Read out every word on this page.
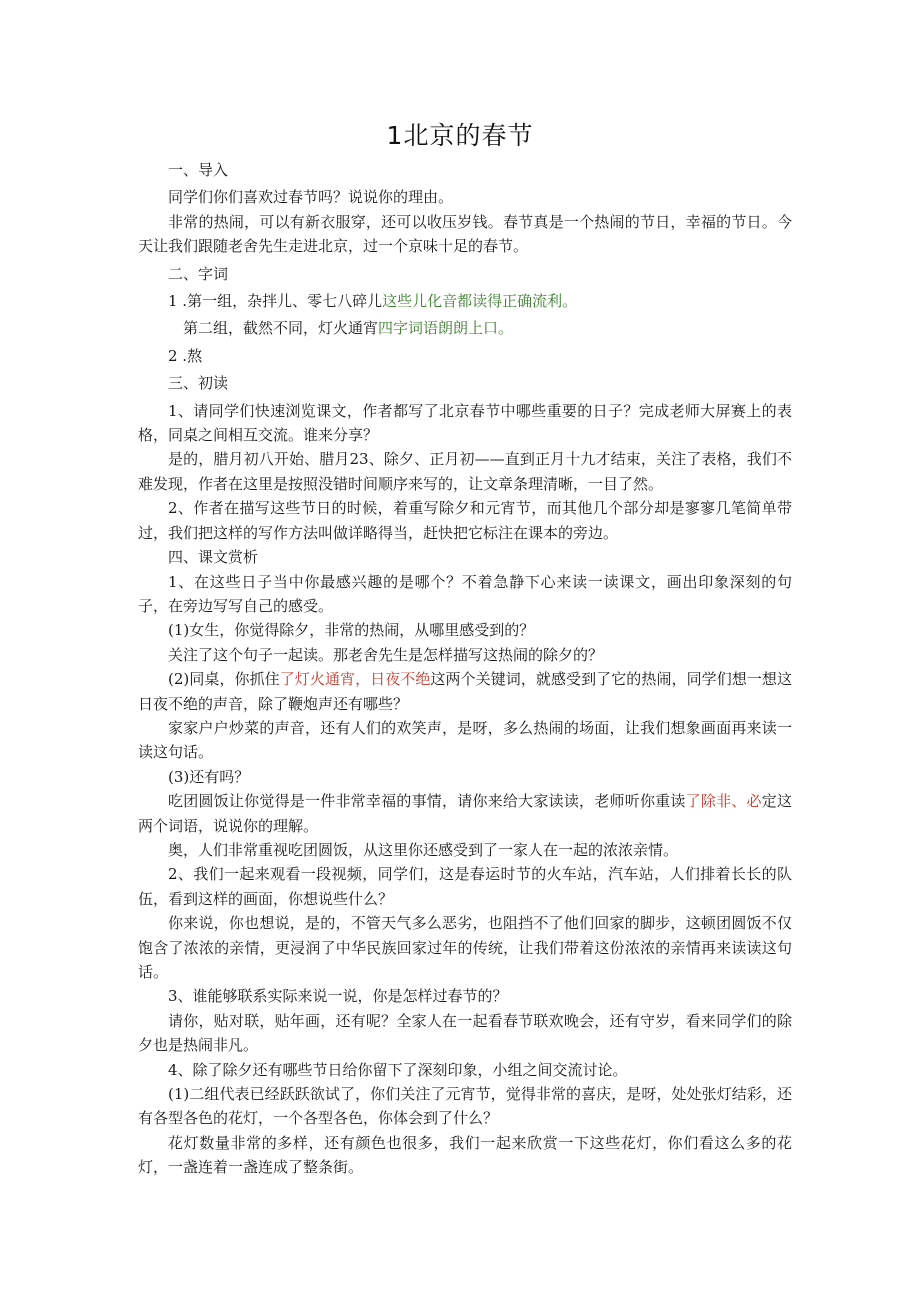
1北京的春节

一、导入

同学们你们喜欢过春节吗？说说你的理由。

非常的热闹，可以有新衣服穿，还可以收压岁钱。春节真是一个热闹的节日，幸福的节日。今天让我们跟随老舍先生走进北京，过一个京味十足的春节。

二、字词

1 .第一组，杂拌儿、零七八碎儿这些儿化音都读得正确流利。

第二组，截然不同，灯火通宵四字词语朗朗上口。

2 .熬

三、初读

1、请同学们快速浏览课文，作者都写了北京春节中哪些重要的日子？完成老师大屏赛上的表格，同桌之间相互交流。谁来分享？

是的，腊月初八开始、腊月23、除夕、正月初——直到正月十九才结束，关注了表格，我们不难发现，作者在这里是按照没错时间顺序来写的，让文章条理清晰，一目了然。

2、作者在描写这些节日的时候，着重写除夕和元宵节，而其他几个部分却是寥寥几笔简单带过，我们把这样的写作方法叫做详略得当，赶快把它标注在课本的旁边。

四、课文赏析

1、在这些日子当中你最感兴趣的是哪个？不着急静下心来读一读课文，画出印象深刻的句子，在旁边写写自己的感受。

(1)女生，你觉得除夕，非常的热闹，从哪里感受到的？

关注了这个句子一起读。那老舍先生是怎样描写这热闹的除夕的？

(2)同桌，你抓住了灯火通宵，日夜不绝这两个关键词，就感受到了它的热闹，同学们想一想这日夜不绝的声音，除了鞭炮声还有哪些？

家家户户炒菜的声音，还有人们的欢笑声，是呀，多么热闹的场面，让我们想象画面再来读一读这句话。

(3)还有吗？

吃团圆饭让你觉得是一件非常幸福的事情，请你来给大家读读，老师听你重读了除非、必定这两个词语，说说你的理解。

奥，人们非常重视吃团圆饭，从这里你还感受到了一家人在一起的浓浓亲情。

2、我们一起来观看一段视频，同学们，这是春运时节的火车站，汽车站，人们排着长长的队伍，看到这样的画面，你想说些什么？

你来说，你也想说，是的，不管天气多么恶劣，也阻挡不了他们回家的脚步，这顿团圆饭不仅饱含了浓浓的亲情，更浸润了中华民族回家过年的传统，让我们带着这份浓浓的亲情再来读读这句话。

3、谁能够联系实际来说一说，你是怎样过春节的？

请你，贴对联，贴年画，还有呢？全家人在一起看春节联欢晚会，还有守岁，看来同学们的除夕也是热闹非凡。

4、除了除夕还有哪些节日给你留下了深刻印象，小组之间交流讨论。

(1)二组代表已经跃跃欲试了，你们关注了元宵节，觉得非常的喜庆，是呀，处处张灯结彩，还有各型各色的花灯，一个各型各色，你体会到了什么？

花灯数量非常的多样，还有颜色也很多，我们一起来欣赏一下这些花灯，你们看这么多的花灯，一盏连着一盏连成了整条街。
